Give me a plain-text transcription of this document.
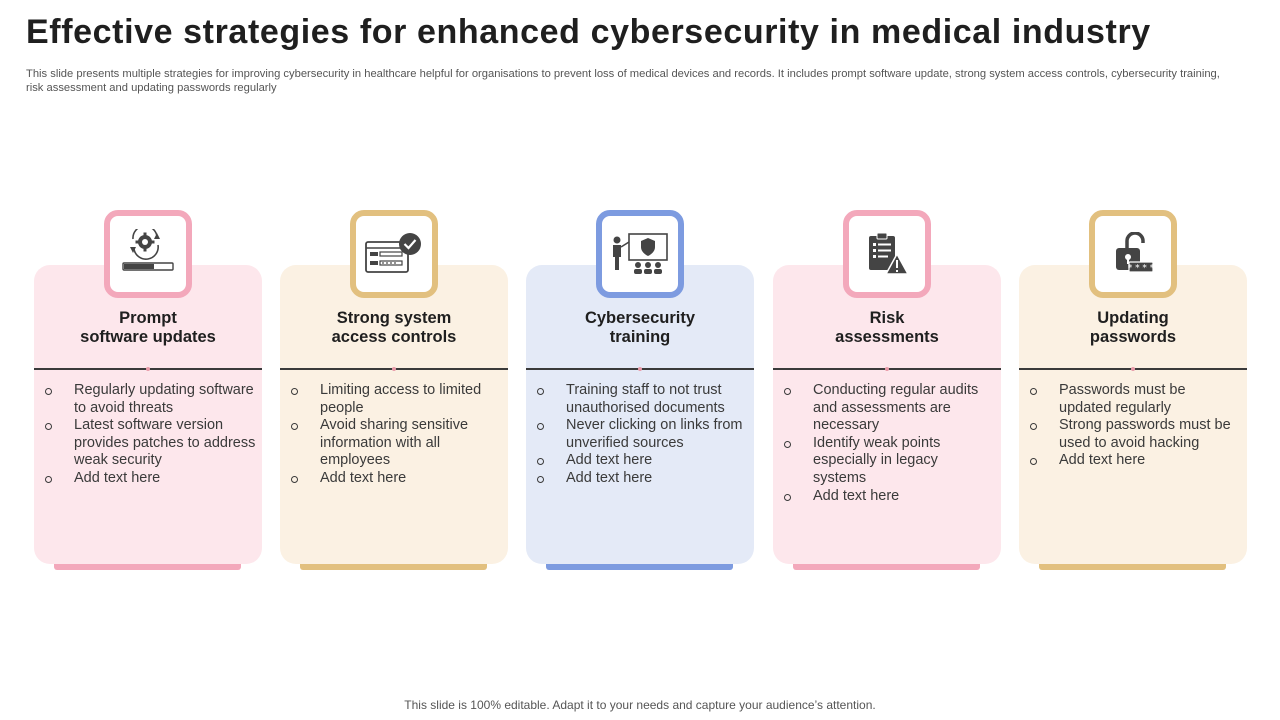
Effective strategies for enhanced cybersecurity in medical industry
This slide presents multiple strategies for improving cybersecurity in healthcare helpful for organisations to prevent loss of medical devices and records. It includes prompt software update, strong system access controls, cybersecurity training, risk assessment and updating passwords regularly
Prompt
software updates
Regularly updating software to avoid threats
Latest software version provides patches to address weak security
Add text here
Strong system
access controls
Limiting access to limited people
Avoid sharing sensitive information with all employees
Add text here
Cybersecurity
training
Training staff to not trust unauthorised documents
Never clicking on links from unverified sources
Add text here
Add text here
Risk
assessments
Conducting regular audits and assessments are necessary
Identify weak points especially in legacy systems
Add text here
Updating
passwords
Passwords must be updated regularly
Strong passwords must be used to avoid hacking
Add text here
* * * *
This slide is 100% editable. Adapt it to your needs and capture your audience’s attention.
